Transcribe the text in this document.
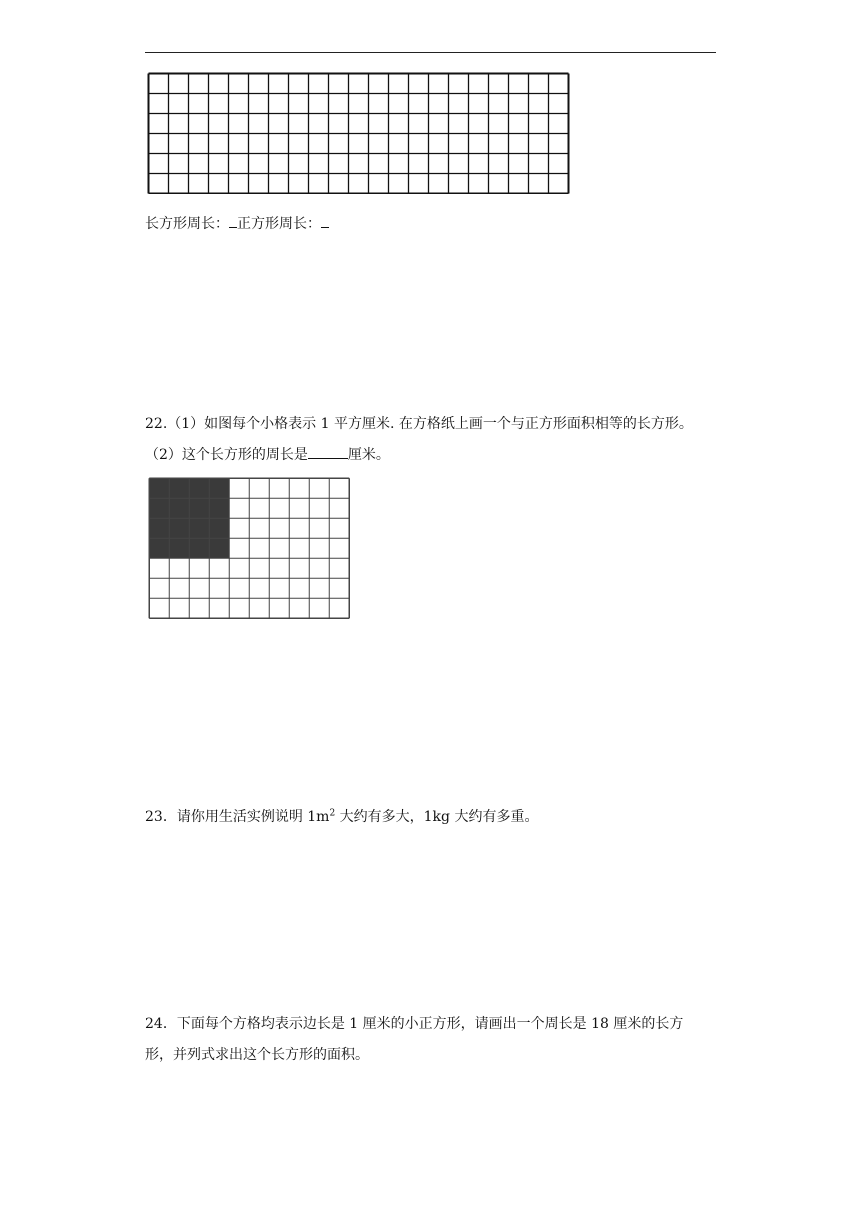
长方形周长： 正方形周长：
22.（1）如图每个小格表示 1 平方厘米. 在方格纸上画一个与正方形面积相等的长方形。
（2）这个长方形的周长是	厘米。
23．请你用生活实例说明 $1m^2$ 大约有多大，1kg 大约有多重。
24．下面每个方格均表示边长是 1 厘米的小正方形，请画出一个周长是 18 厘米的长方
形，并列式求出这个长方形的面积。
